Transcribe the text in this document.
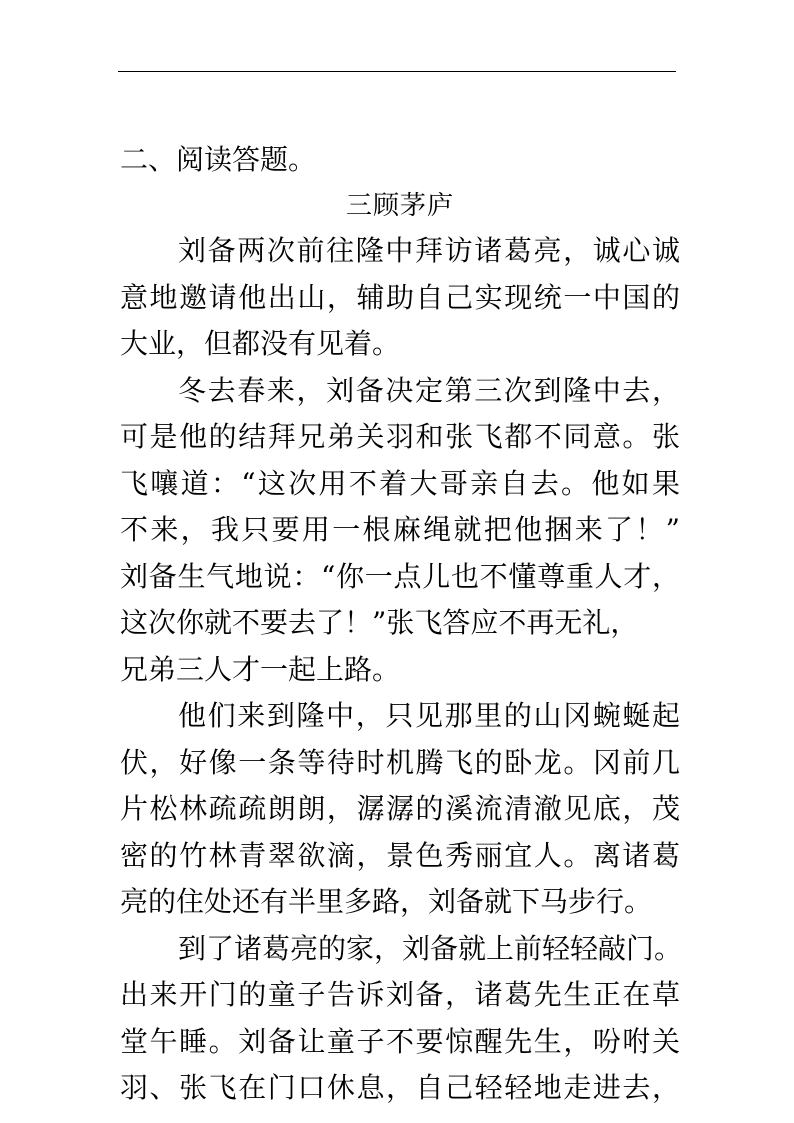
二、阅读答题。
三顾茅庐
刘备两次前往隆中拜访诸葛亮，诚心诚
意地邀请他出山，辅助自己实现统一中国的
大业，但都没有见着。
冬去春来，刘备决定第三次到隆中去，
可是他的结拜兄弟关羽和张飞都不同意。张
飞嚷道：“这次用不着大哥亲自去。他如果
不来，我只要用一根麻绳就把他捆来了！”
刘备生气地说：“你一点儿也不懂尊重人才，
这次你就不要去了！”张飞答应不再无礼，
兄弟三人才一起上路。
他们来到隆中，只见那里的山冈蜿蜒起
伏，好像一条等待时机腾飞的卧龙。冈前几
片松林疏疏朗朗，潺潺的溪流清澈见底，茂
密的竹林青翠欲滴，景色秀丽宜人。离诸葛
亮的住处还有半里多路，刘备就下马步行。
到了诸葛亮的家，刘备就上前轻轻敲门。
出来开门的童子告诉刘备，诸葛先生正在草
堂午睡。刘备让童子不要惊醒先生，吩咐关
羽、张飞在门口休息，自己轻轻地走进去，
